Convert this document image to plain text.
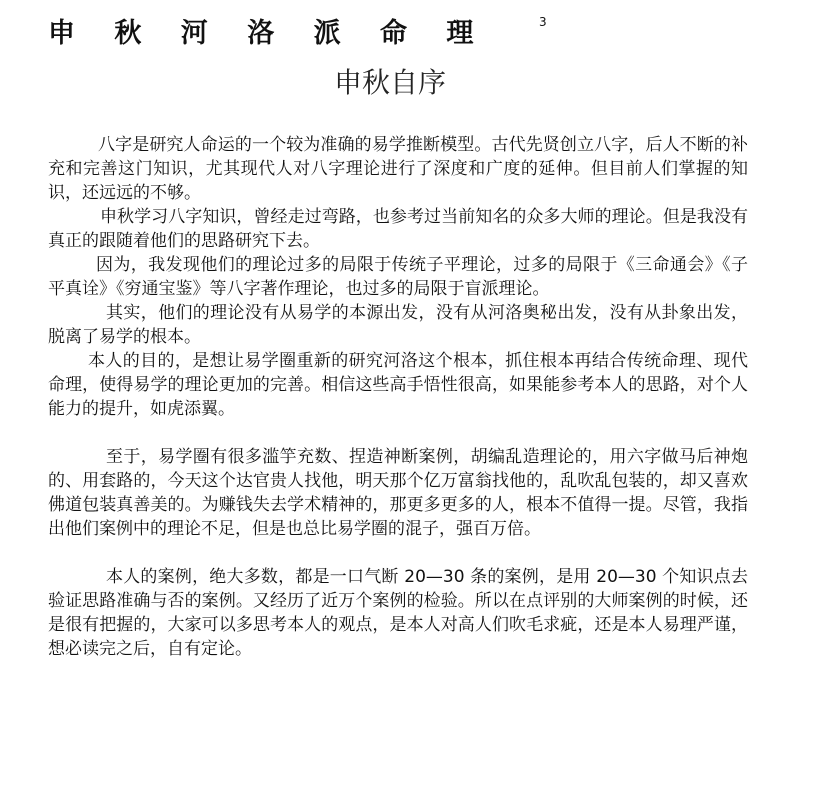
申 秋 河 洛 派 命 理	3
申秋自序

八字是研究人命运的一个较为准确的易学推断模型。古代先贤创立八字，后人不断的补充和完善这门知识，尤其现代人对八字理论进行了深度和广度的延伸。但目前人们掌握的知识，还远远的不够。

申秋学习八字知识，曾经走过弯路，也参考过当前知名的众多大师的理论。但是我没有真正的跟随着他们的思路研究下去。

因为，我发现他们的理论过多的局限于传统子平理论，过多的局限于《三命通会》《子平真诠》《穷通宝鉴》等八字著作理论，也过多的局限于盲派理论。

其实，他们的理论没有从易学的本源出发，没有从河洛奥秘出发，没有从卦象出发，脱离了易学的根本。

本人的目的，是想让易学圈重新的研究河洛这个根本，抓住根本再结合传统命理、现代命理，使得易学的理论更加的完善。相信这些高手悟性很高，如果能参考本人的思路，对个人能力的提升，如虎添翼。

至于，易学圈有很多滥竽充数、捏造神断案例，胡编乱造理论的，用六字做马后神炮的、用套路的，今天这个达官贵人找他，明天那个亿万富翁找他的，乱吹乱包装的，却又喜欢佛道包装真善美的。为赚钱失去学术精神的，那更多更多的人，根本不值得一提。尽管，我指出他们案例中的理论不足，但是也总比易学圈的混子，强百万倍。

本人的案例，绝大多数，都是一口气断 20—30 条的案例，是用 20—30 个知识点去验证思路准确与否的案例。又经历了近万个案例的检验。所以在点评别的大师案例的时候，还是很有把握的，大家可以多思考本人的观点，是本人对高人们吹毛求疵，还是本人易理严谨，想必读完之后，自有定论。
